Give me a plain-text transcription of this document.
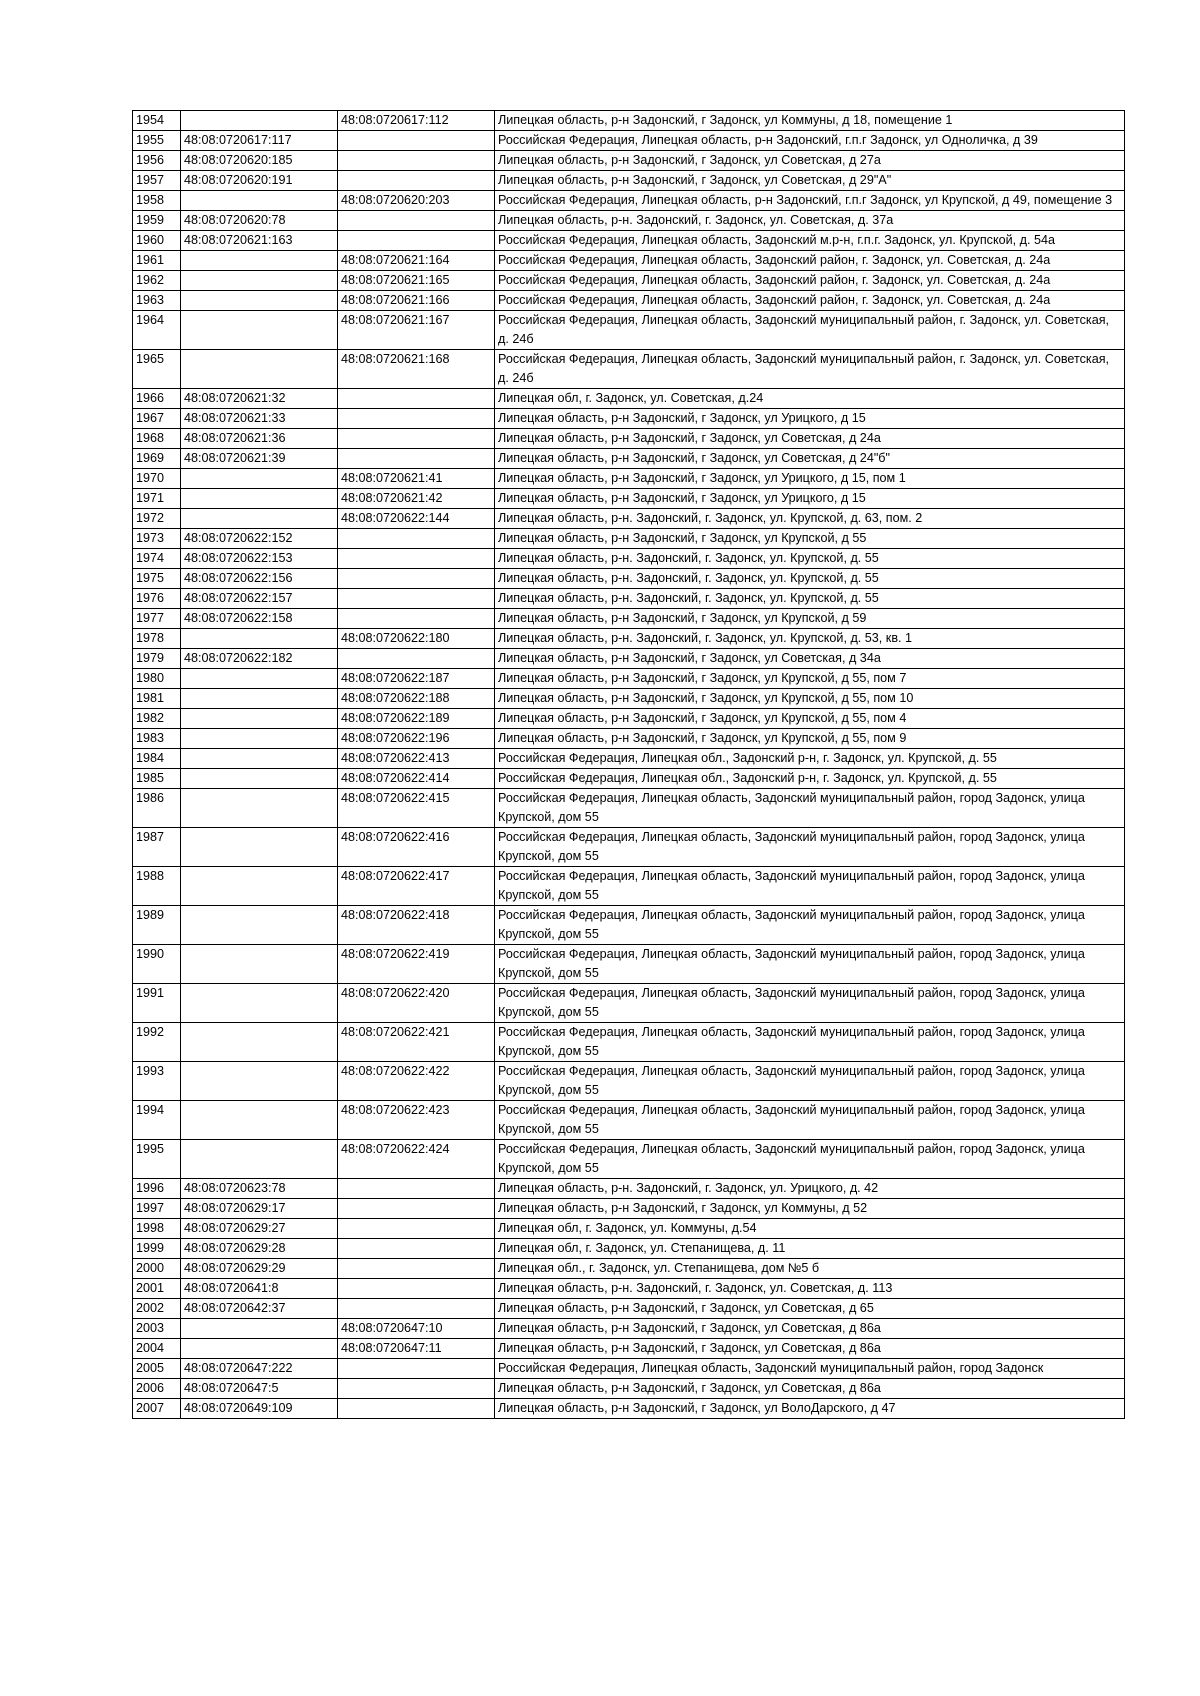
1954		48:08:0720617:112	Липецкая область, р-н Задонский, г Задонск, ул Коммуны, д 18, помещение 1
1955	48:08:0720617:117		Российская Федерация, Липецкая область, р-н Задонский, г.п.г Задонск, ул Одноличка, д 39
1956	48:08:0720620:185		Липецкая область, р-н Задонский, г Задонск, ул Советская, д 27а
1957	48:08:0720620:191		Липецкая область, р-н Задонский, г Задонск, ул Советская, д 29"А"
1958		48:08:0720620:203	Российская Федерация, Липецкая область, р-н Задонский, г.п.г Задонск, ул Крупской, д 49, помещение 3
1959	48:08:0720620:78		Липецкая область, р-н. Задонский, г. Задонск, ул. Советская, д. 37а
1960	48:08:0720621:163		Российская Федерация, Липецкая область, Задонский м.р-н, г.п.г. Задонск, ул. Крупской, д. 54а
1961		48:08:0720621:164	Российская Федерация, Липецкая область, Задонский район, г. Задонск, ул. Советская, д. 24а
1962		48:08:0720621:165	Российская Федерация, Липецкая область, Задонский район, г. Задонск, ул. Советская, д. 24а
1963		48:08:0720621:166	Российская Федерация, Липецкая область, Задонский район, г. Задонск, ул. Советская, д. 24а
1964		48:08:0720621:167	Российская Федерация, Липецкая область, Задонский муниципальный район, г. Задонск, ул. Советская, д. 24б
1965		48:08:0720621:168	Российская Федерация, Липецкая область, Задонский муниципальный район, г. Задонск, ул. Советская, д. 24б
1966	48:08:0720621:32		Липецкая обл, г. Задонск, ул. Советская, д.24
1967	48:08:0720621:33		Липецкая область, р-н Задонский, г Задонск, ул Урицкого, д 15
1968	48:08:0720621:36		Липецкая область, р-н Задонский, г Задонск, ул Советская, д 24а
1969	48:08:0720621:39		Липецкая область, р-н Задонский, г Задонск, ул Советская, д 24"б"
1970		48:08:0720621:41	Липецкая область, р-н Задонский, г Задонск, ул Урицкого, д 15, пом 1
1971		48:08:0720621:42	Липецкая область, р-н Задонский, г Задонск, ул Урицкого, д 15
1972		48:08:0720622:144	Липецкая область, р-н. Задонский, г. Задонск, ул. Крупской, д. 63, пом. 2
1973	48:08:0720622:152		Липецкая область, р-н Задонский, г Задонск, ул Крупской, д 55
1974	48:08:0720622:153		Липецкая область, р-н. Задонский, г. Задонск, ул. Крупской, д. 55
1975	48:08:0720622:156		Липецкая область, р-н. Задонский, г. Задонск, ул. Крупской, д. 55
1976	48:08:0720622:157		Липецкая область, р-н. Задонский, г. Задонск, ул. Крупской, д. 55
1977	48:08:0720622:158		Липецкая область, р-н Задонский, г Задонск, ул Крупской, д 59
1978		48:08:0720622:180	Липецкая область, р-н. Задонский, г. Задонск, ул. Крупской, д. 53, кв. 1
1979	48:08:0720622:182		Липецкая область, р-н Задонский, г Задонск, ул Советская, д 34а
1980		48:08:0720622:187	Липецкая область, р-н Задонский, г Задонск, ул Крупской, д 55, пом 7
1981		48:08:0720622:188	Липецкая область, р-н Задонский, г Задонск, ул Крупской, д 55, пом 10
1982		48:08:0720622:189	Липецкая область, р-н Задонский, г Задонск, ул Крупской, д 55, пом 4
1983		48:08:0720622:196	Липецкая область, р-н Задонский, г Задонск, ул Крупской, д 55, пом 9
1984		48:08:0720622:413	Российская Федерация, Липецкая обл., Задонский р-н, г. Задонск, ул. Крупской, д. 55
1985		48:08:0720622:414	Российская Федерация, Липецкая обл., Задонский р-н, г. Задонск, ул. Крупской, д. 55
1986		48:08:0720622:415	Российская Федерация, Липецкая область, Задонский муниципальный район, город Задонск, улица Крупской, дом 55
1987		48:08:0720622:416	Российская Федерация, Липецкая область, Задонский муниципальный район, город Задонск, улица Крупской, дом 55
1988		48:08:0720622:417	Российская Федерация, Липецкая область, Задонский муниципальный район, город Задонск, улица Крупской, дом 55
1989		48:08:0720622:418	Российская Федерация, Липецкая область, Задонский муниципальный район, город Задонск, улица Крупской, дом 55
1990		48:08:0720622:419	Российская Федерация, Липецкая область, Задонский муниципальный район, город Задонск, улица Крупской, дом 55
1991		48:08:0720622:420	Российская Федерация, Липецкая область, Задонский муниципальный район, город Задонск, улица Крупской, дом 55
1992		48:08:0720622:421	Российская Федерация, Липецкая область, Задонский муниципальный район, город Задонск, улица Крупской, дом 55
1993		48:08:0720622:422	Российская Федерация, Липецкая область, Задонский муниципальный район, город Задонск, улица Крупской, дом 55
1994		48:08:0720622:423	Российская Федерация, Липецкая область, Задонский муниципальный район, город Задонск, улица Крупской, дом 55
1995		48:08:0720622:424	Российская Федерация, Липецкая область, Задонский муниципальный район, город Задонск, улица Крупской, дом 55
1996	48:08:0720623:78		Липецкая область, р-н. Задонский, г. Задонск, ул. Урицкого, д. 42
1997	48:08:0720629:17		Липецкая область, р-н Задонский, г Задонск, ул Коммуны, д 52
1998	48:08:0720629:27		Липецкая обл, г. Задонск, ул. Коммуны, д.54
1999	48:08:0720629:28		Липецкая обл, г. Задонск, ул. Степанищева, д. 11
2000	48:08:0720629:29		Липецкая обл., г. Задонск, ул. Степанищева, дом №5 б
2001	48:08:0720641:8		Липецкая область, р-н. Задонский, г. Задонск, ул. Советская, д. 113
2002	48:08:0720642:37		Липецкая область, р-н Задонский, г Задонск, ул Советская, д 65
2003		48:08:0720647:10	Липецкая область, р-н Задонский, г Задонск, ул Советская, д 86а
2004		48:08:0720647:11	Липецкая область, р-н Задонский, г Задонск, ул Советская, д 86а
2005	48:08:0720647:222		Российская Федерация, Липецкая область, Задонский муниципальный район, город Задонск
2006	48:08:0720647:5		Липецкая область, р-н Задонский, г Задонск, ул Советская, д 86а
2007	48:08:0720649:109		Липецкая область, р-н Задонский, г Задонск, ул ВолоДарского, д 47
